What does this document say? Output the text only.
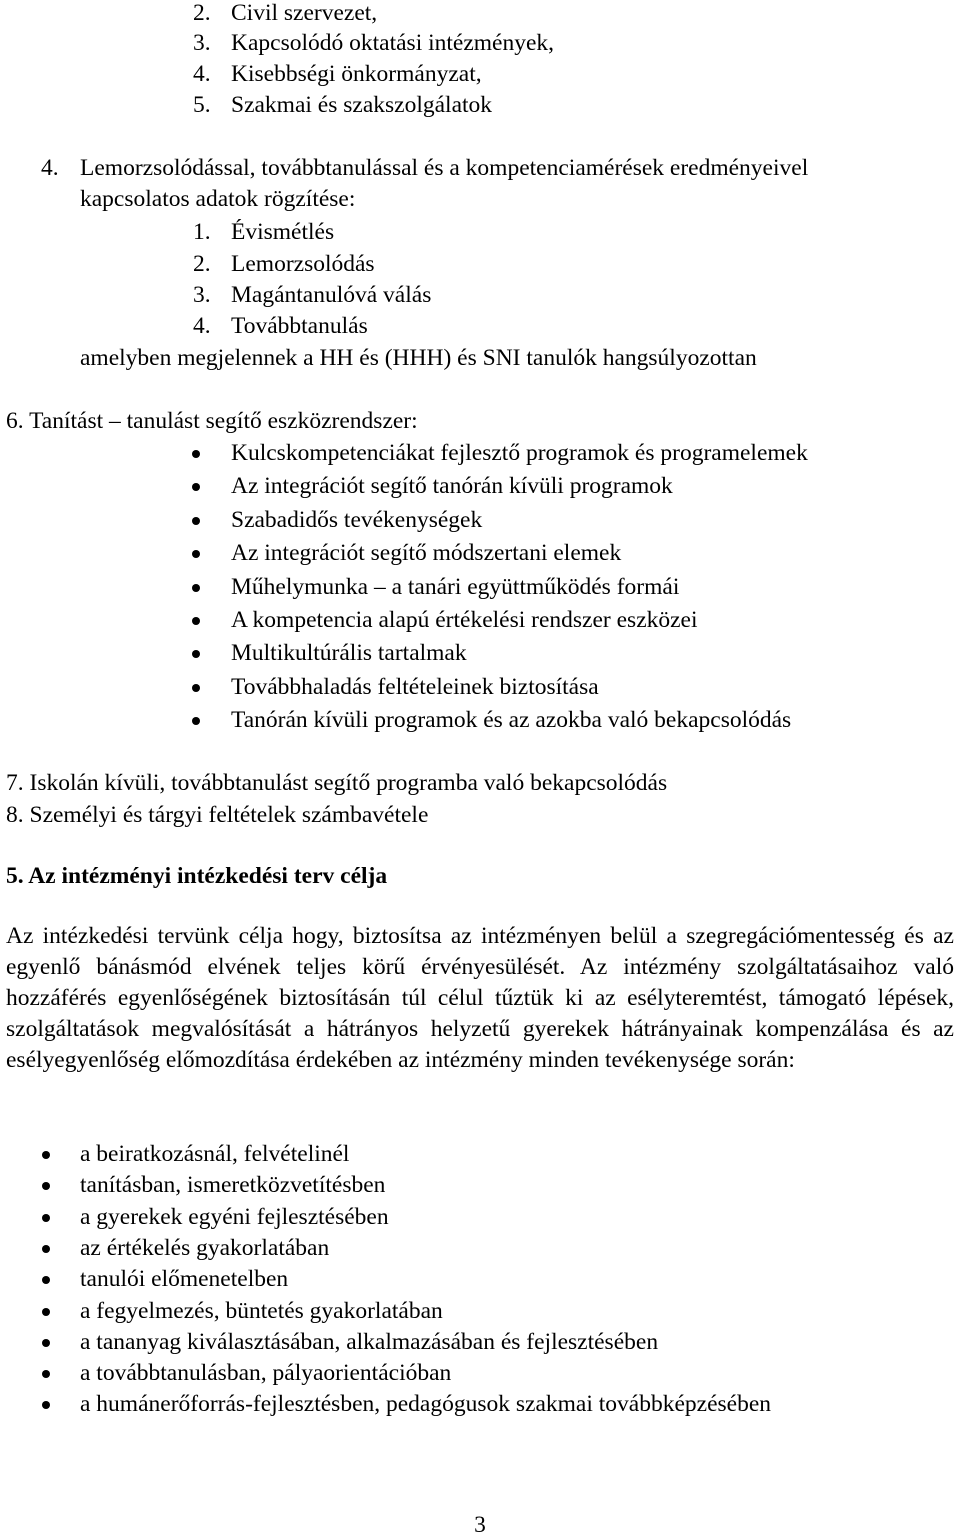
2. Civil szervezet,
3. Kapcsolódó oktatási intézmények,
4. Kisebbségi önkormányzat,
5. Szakmai és szakszolgálatok
4. Lemorzsolódással, továbbtanulással és a kompetenciamérések eredményeivel
kapcsolatos adatok rögzítése:
1. Évismétlés
2. Lemorzsolódás
3. Magántanulóvá válás
4. Továbbtanulás
amelyben megjelennek a HH és (HHH) és SNI tanulók hangsúlyozottan
6. Tanítást – tanulást segítő eszközrendszer:
Kulcskompetenciákat fejlesztő programok és programelemek
Az integrációt segítő tanórán kívüli programok
Szabadidős tevékenységek
Az integrációt segítő módszertani elemek
Műhelymunka – a tanári együttműködés formái
A kompetencia alapú értékelési rendszer eszközei
Multikultúrális tartalmak
Továbbhaladás feltételeinek biztosítása
Tanórán kívüli programok és az azokba való bekapcsolódás
7. Iskolán kívüli, továbbtanulást segítő programba való bekapcsolódás
8. Személyi és tárgyi feltételek számbavétele
5. Az intézményi intézkedési terv célja
Az intézkedési tervünk célja hogy, biztosítsa az intézményen belül a szegregációmentesség és az egyenlő bánásmód elvének teljes körű érvényesülését. Az intézmény szolgáltatásaihoz való hozzáférés egyenlőségének biztosításán túl célul tűztük ki az esélyteremtést, támogató lépések, szolgáltatások megvalósítását a hátrányos helyzetű gyerekek hátrányainak kompenzálása és az esélyegyenlőség előmozdítása érdekében az intézmény minden tevékenysége során:
a beiratkozásnál, felvételinél
tanításban, ismeretközvetítésben
a gyerekek egyéni fejlesztésében
az értékelés gyakorlatában
tanulói előmenetelben
a fegyelmezés, büntetés gyakorlatában
a tananyag kiválasztásában, alkalmazásában és fejlesztésében
a továbbtanulásban, pályaorientációban
a humánerőforrás-fejlesztésben, pedagógusok szakmai továbbképzésében
3
